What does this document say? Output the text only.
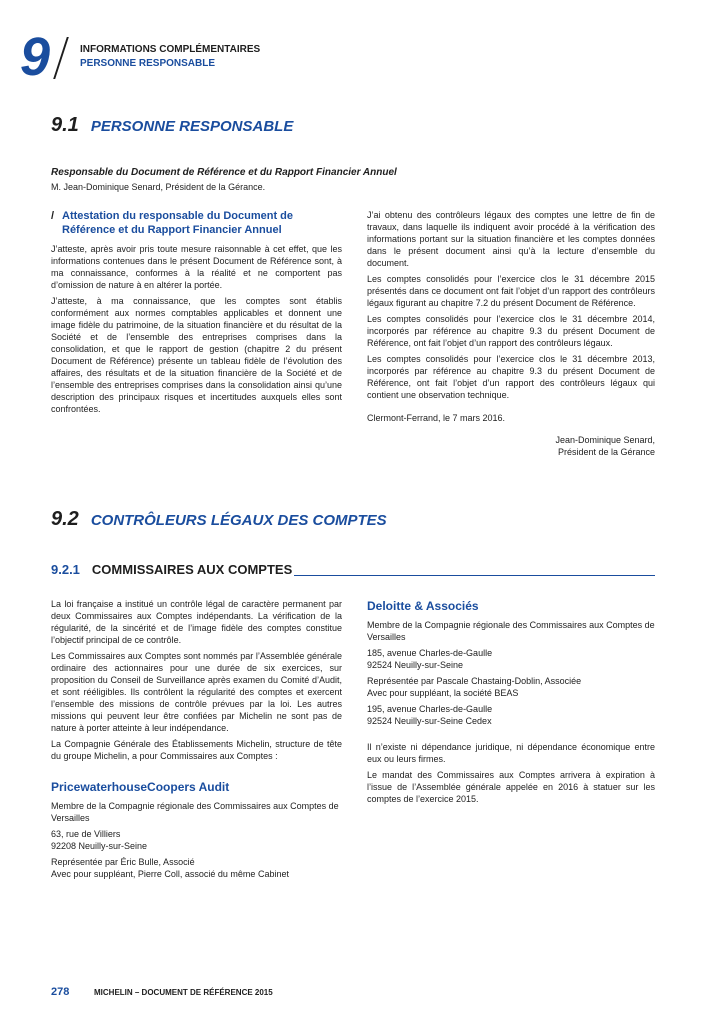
9	INFORMATIONS COMPLÉMENTAIRES
PERSONNE RESPONSABLE
9.1 PERSONNE RESPONSABLE
Responsable du Document de Référence et du Rapport Financier Annuel
M. Jean-Dominique Senard, Président de la Gérance.
/ Attestation du responsable du Document de Référence et du Rapport Financier Annuel

J’atteste, après avoir pris toute mesure raisonnable à cet effet, que les informations contenues dans le présent Document de Référence sont, à ma connaissance, conformes à la réalité et ne comportent pas d’omission de nature à en altérer la portée.

J’atteste, à ma connaissance, que les comptes sont établis conformément aux normes comptables applicables et donnent une image fidèle du patrimoine, de la situation financière et du résultat de la Société et de l’ensemble des entreprises comprises dans la consolidation, et que le rapport de gestion (chapitre 2 du présent Document de Référence) présente un tableau fidèle de l’évolution des affaires, des résultats et de la situation financière de la Société et de l’ensemble des entreprises comprises dans la consolidation ainsi qu’une description des principaux risques et incertitudes auxquels elles sont confrontées.

J’ai obtenu des contrôleurs légaux des comptes une lettre de fin de travaux, dans laquelle ils indiquent avoir procédé à la vérification des informations portant sur la situation financière et les comptes données dans le présent document ainsi qu’à la lecture d’ensemble du document.

Les comptes consolidés pour l’exercice clos le 31 décembre 2015 présentés dans ce document ont fait l’objet d’un rapport des contrôleurs légaux figurant au chapitre 7.2 du présent Document de Référence.

Les comptes consolidés pour l’exercice clos le 31 décembre 2014, incorporés par référence au chapitre 9.3 du présent Document de Référence, ont fait l’objet d’un rapport des contrôleurs légaux.

Les comptes consolidés pour l’exercice clos le 31 décembre 2013, incorporés par référence au chapitre 9.3 du présent Document de Référence, ont fait l’objet d’un rapport des contrôleurs légaux qui contient une observation technique.

Clermont-Ferrand, le 7 mars 2016.

Jean-Dominique Senard,

Président de la Gérance

9.2 CONTRÔLEURS LÉGAUX DES COMPTES
9.2.1 COMMISSAIRES AUX COMPTES

La loi française a institué un contrôle légal de caractère permanent par deux Commissaires aux Comptes indépendants. La vérification de la régularité, de la sincérité et de l’image fidèle des comptes constitue l’objectif principal de ce contrôle.

Les Commissaires aux Comptes sont nommés par l’Assemblée générale ordinaire des actionnaires pour une durée de six exercices, sur proposition du Conseil de Surveillance après examen du Comité d’Audit, et sont rééligibles. Ils contrôlent la régularité des comptes et exercent l’ensemble des missions de contrôle prévues par la loi. Les autres missions qui peuvent leur être confiées par Michelin ne sont pas de nature à porter atteinte à leur indépendance.

La Compagnie Générale des Établissements Michelin, structure de tête du groupe Michelin, a pour Commissaires aux Comptes :

PricewaterhouseCoopers Audit

Membre de la Compagnie régionale des Commissaires aux Comptes de Versailles

63, rue de Villiers
92208 Neuilly-sur-Seine
Représentée par Éric Bulle, Associé
Avec pour suppléant, Pierre Coll, associé du même Cabinet
Deloitte & Associés

Membre de la Compagnie régionale des Commissaires aux Comptes de Versailles

185, avenue Charles-de-Gaulle
92524 Neuilly-sur-Seine
Représentée par Pascale Chastaing-Doblin, Associée
Avec pour suppléant, la société BEAS
195, avenue Charles-de-Gaulle
92524 Neuilly-sur-Seine Cedex

Il n’existe ni dépendance juridique, ni dépendance économique entre eux ou leurs firmes.

Le mandat des Commissaires aux Comptes arrivera à expiration à l’issue de l’Assemblée générale appelée en 2016 à statuer sur les comptes de l’exercice 2015.

278	MICHELIN – DOCUMENT DE RÉFÉRENCE 2015
